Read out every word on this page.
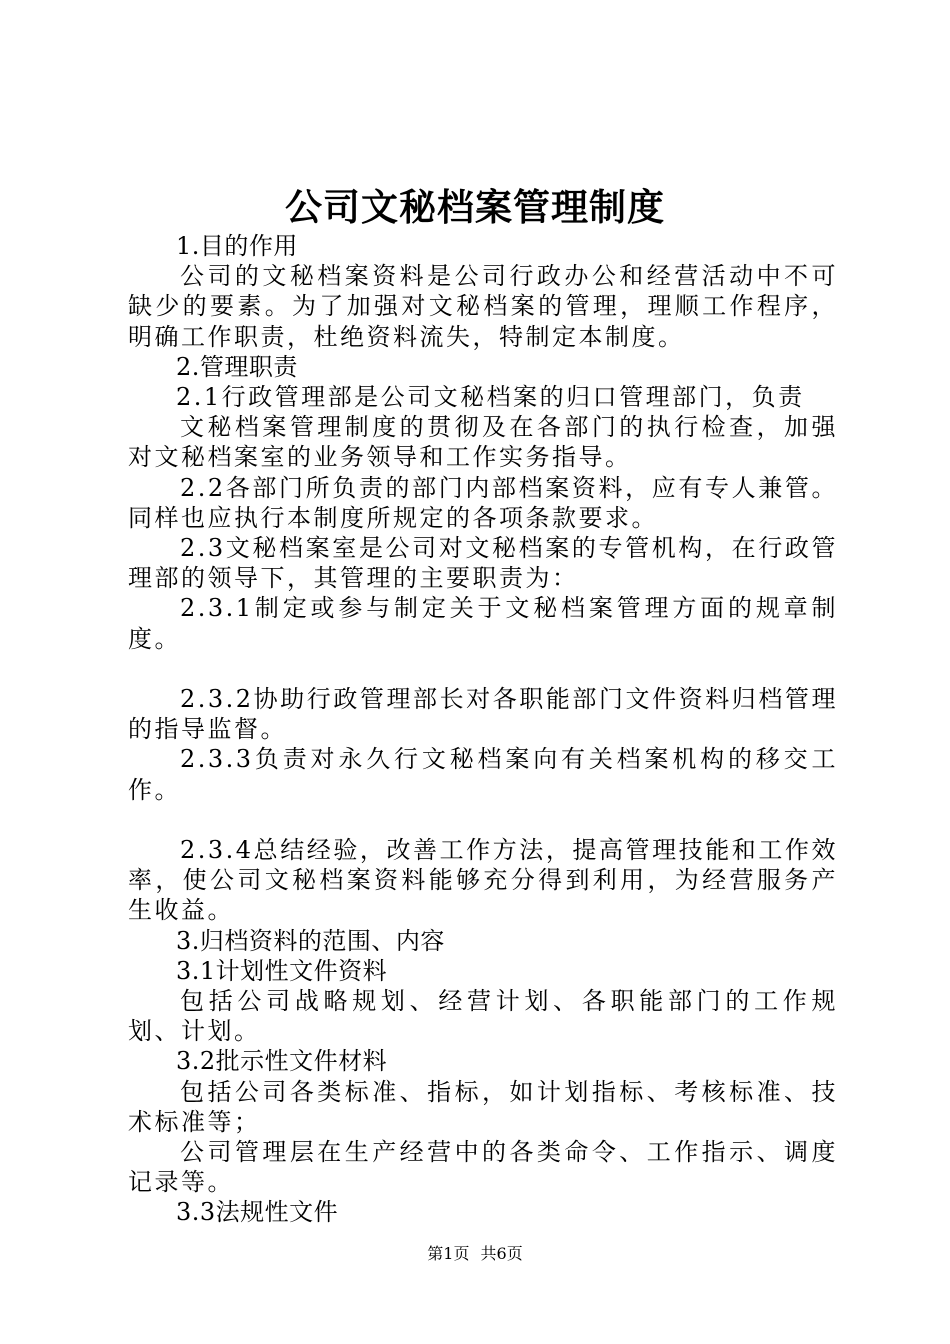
公司文秘档案管理制度

1.目的作用

公司的文秘档案资料是公司行政办公和经营活动中不可缺少的要素。为了加强对文秘档案的管理，理顺工作程序，明确工作职责，杜绝资料流失，特制定本制度。

2.管理职责

2.1行政管理部是公司文秘档案的归口管理部门，负责

文秘档案管理制度的贯彻及在各部门的执行检查，加强对文秘档案室的业务领导和工作实务指导。

2.2各部门所负责的部门内部档案资料，应有专人兼管。同样也应执行本制度所规定的各项条款要求。

2.3文秘档案室是公司对文秘档案的专管机构，在行政管理部的领导下，其管理的主要职责为：

2.3.1制定或参与制定关于文秘档案管理方面的规章制度。

2.3.2协助行政管理部长对各职能部门文件资料归档管理的指导监督。

2.3.3负责对永久行文秘档案向有关档案机构的移交工作。

2.3.4总结经验，改善工作方法，提高管理技能和工作效率，使公司文秘档案资料能够充分得到利用，为经营服务产生收益。

3.归档资料的范围、内容

3.1计划性文件资料

包括公司战略规划、经营计划、各职能部门的工作规划、计划。

3.2批示性文件材料

包括公司各类标准、指标，如计划指标、考核标准、技术标准等；

公司管理层在生产经营中的各类命令、工作指示、调度记录等。

3.3法规性文件

第1页 共6页
